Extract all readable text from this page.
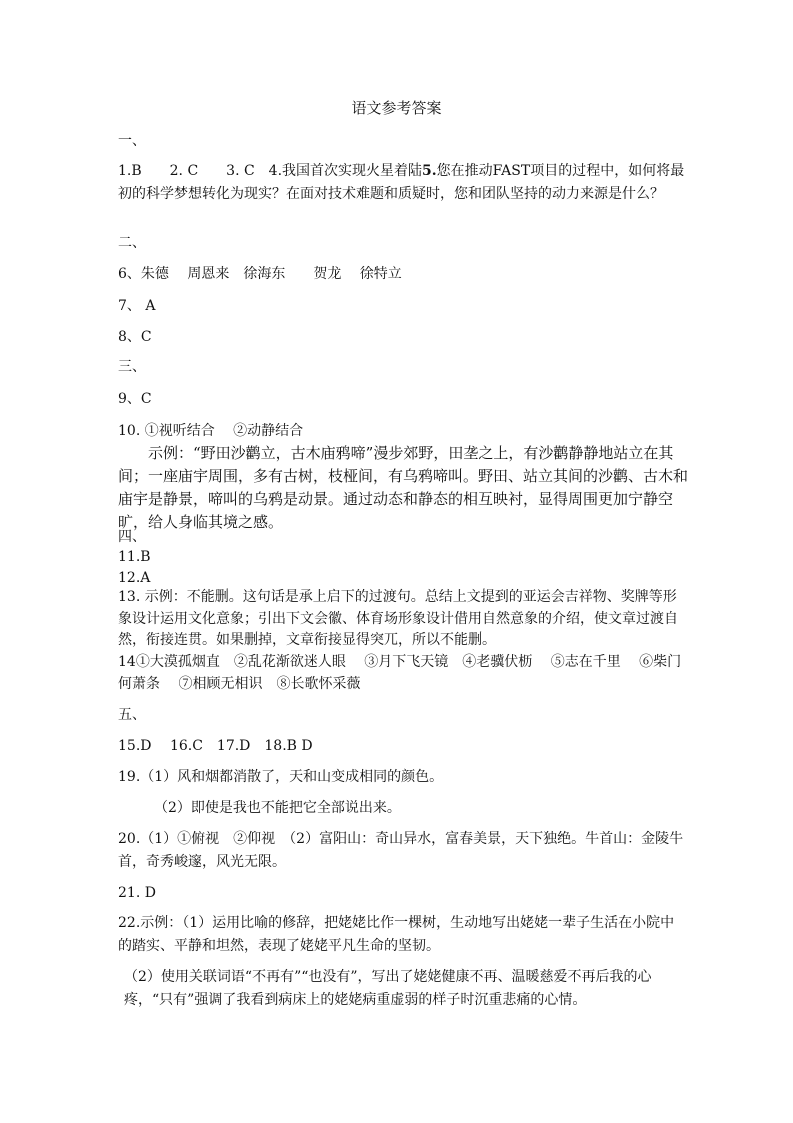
语文参考答案
一、
1.B　　2. C　　3. C　4.我国首次实现火星着陆5.您在推动FAST项目的过程中，如何将最初的科学梦想转化为现实？在面对技术难题和质疑时，您和团队坚持的动力来源是什么？
二、
6、朱德　 周恩来　徐海东　　贺龙　 徐特立
7、 A
8、C
三、
9、C
10. ①视听结合　 ②动静结合
示例：“野田沙鹳立，古木庙鸦啼”漫步郊野，田垄之上，有沙鹳静静地站立在其间；一座庙宇周围，多有古树，枝桠间，有乌鸦啼叫。野田、站立其间的沙鹳、古木和庙宇是静景，啼叫的乌鸦是动景。通过动态和静态的相互映衬，显得周围更加宁静空旷，给人身临其境之感。
四、
11.B
12.A
13. 示例：不能删。这句话是承上启下的过渡句。总结上文提到的亚运会吉祥物、奖牌等形象设计运用文化意象；引出下文会徽、体育场形象设计借用自然意象的介绍，使文章过渡自然，衔接连贯。如果删掉，文章衔接显得突兀，所以不能删。
14①大漠孤烟直　②乱花渐欲迷人眼　 ③月下飞天镜　④老骥伏枥　 ⑤志在千里　 ⑥柴门何萧条　 ⑦相顾无相识　⑧长歌怀采薇
五、
15.D　 16.C　17.D　18.B D
19.（1）风和烟都消散了，天和山变成相同的颜色。
（2）即使是我也不能把它全部说出来。
20.（1）①俯视　②仰视　（2）富阳山：奇山异水，富春美景，天下独绝。牛首山：金陵牛首，奇秀峻邃，风光无限。
21. D
22.示例：（1）运用比喻的修辞，把姥姥比作一棵树，生动地写出姥姥一辈子生活在小院中的踏实、平静和坦然，表现了姥姥平凡生命的坚韧。
（2）使用关联词语“不再有”“也没有”，写出了姥姥健康不再、温暖慈爱不再后我的心疼，“只有”强调了我看到病床上的姥姥病重虚弱的样子时沉重悲痛的心情。
